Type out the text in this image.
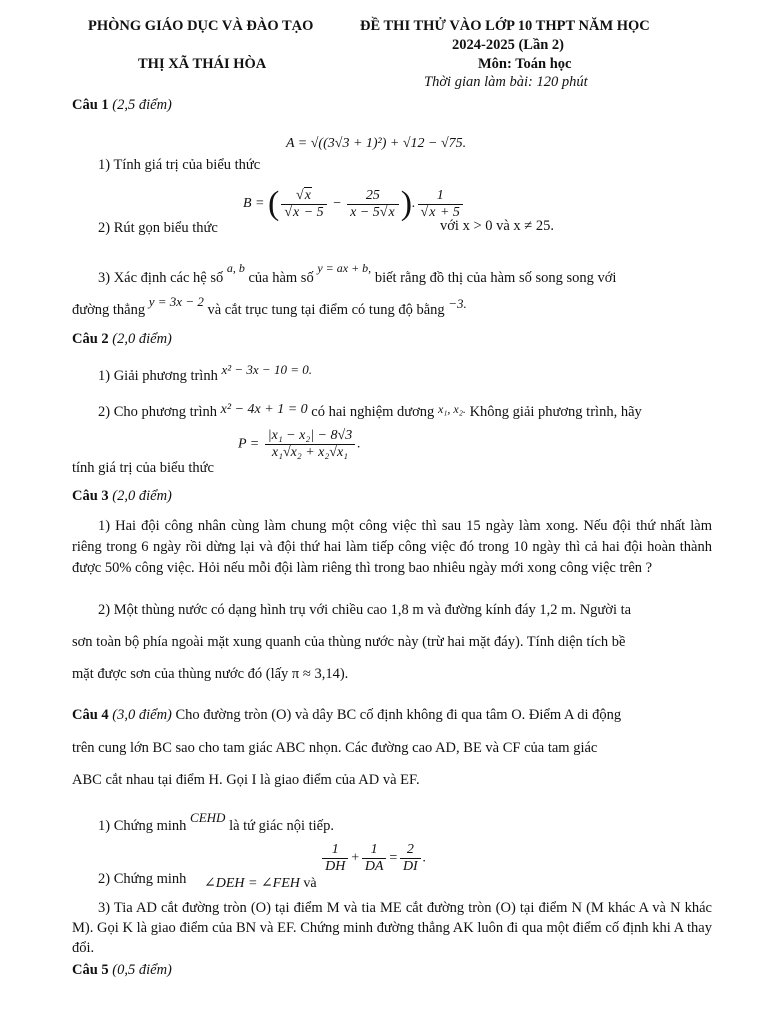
PHÒNG GIÁO DỤC VÀ ĐÀO TẠO
THỊ XÃ THÁI HÒA
ĐỀ THI THỬ VÀO LỚP 10 THPT NĂM HỌC
2024-2025 (Lần 2)
Môn: Toán học
Thời gian làm bài: 120 phút
Câu 1 (2,5 điểm)
A = √((3√3 + 1)²) + √12 − √75.
1) Tính giá trị của biểu thức
B = ( $\frac{√x}{√x - 5} - \frac{25}{x - 5√x}$ ). $\frac{1}{√x + 5}$
2) Rút gọn biểu thức	với x > 0 và x ≠ 25.
3) Xác định các hệ số $^{a, b}$ của hàm số $^{y = ax + b,}$ biết rằng đồ thị của hàm số song song với
đường thẳng y = 3x − 2 và cắt trục tung tại điểm có tung độ bằng −3.
Câu 2 (2,0 điểm)
1) Giải phương trình x² − 3x − 10 = 0.
2) Cho phương trình x² − 4x + 1 = 0 có hai nghiệm dương $^{x_1, x_2.}$ Không giải phương trình, hãy
$P = \frac{\text{|x₁ − x₂| − 8√3}}{\text{x₁√x₂ + x₂√x₁}}$ .
tính giá trị của biểu thức
Câu 3 (2,0 điểm)
1) Hai đội công nhân cùng làm chung một công việc thì sau 15 ngày làm xong. Nếu đội thứ nhất làm riêng trong 6 ngày rồi dừng lại và đội thứ hai làm tiếp công việc đó trong 10 ngày thì cả hai đội hoàn thành được 50% công việc. Hỏi nếu mỗi đội làm riêng thì trong bao nhiêu ngày mới xong công việc trên ?
2) Một thùng nước có dạng hình trụ với chiều cao 1,8 m và đường kính đáy 1,2 m. Người ta
sơn toàn bộ phía ngoài mặt xung quanh của thùng nước này (trừ hai mặt đáy). Tính diện tích bề
mặt được sơn của thùng nước đó (lấy π ≈ 3,14).
Câu 4 (3,0 điểm) Cho đường tròn (O) và dây BC cố định không đi qua tâm O. Điểm A di động
trên cung lớn BC sao cho tam giác ABC nhọn. Các đường cao AD, BE và CF của tam giác
ABC cắt nhau tại điểm H. Gọi I là giao điểm của AD và EF.
1) Chứng minh CEHD là tứ giác nội tiếp.
2) Chứng minh ∠DEH = ∠FEH và
$\frac{1}{DH} + \frac{1}{DA} = \frac{2}{DI}$ .
3) Tia AD cắt đường tròn (O) tại điểm M và tia ME cắt đường tròn (O) tại điểm N (M khác A và N khác M). Gọi K là giao điểm của BN và EF. Chứng minh đường thẳng AK luôn đi qua một điểm cố định khi A thay đổi.
Câu 5 (0,5 điểm)
